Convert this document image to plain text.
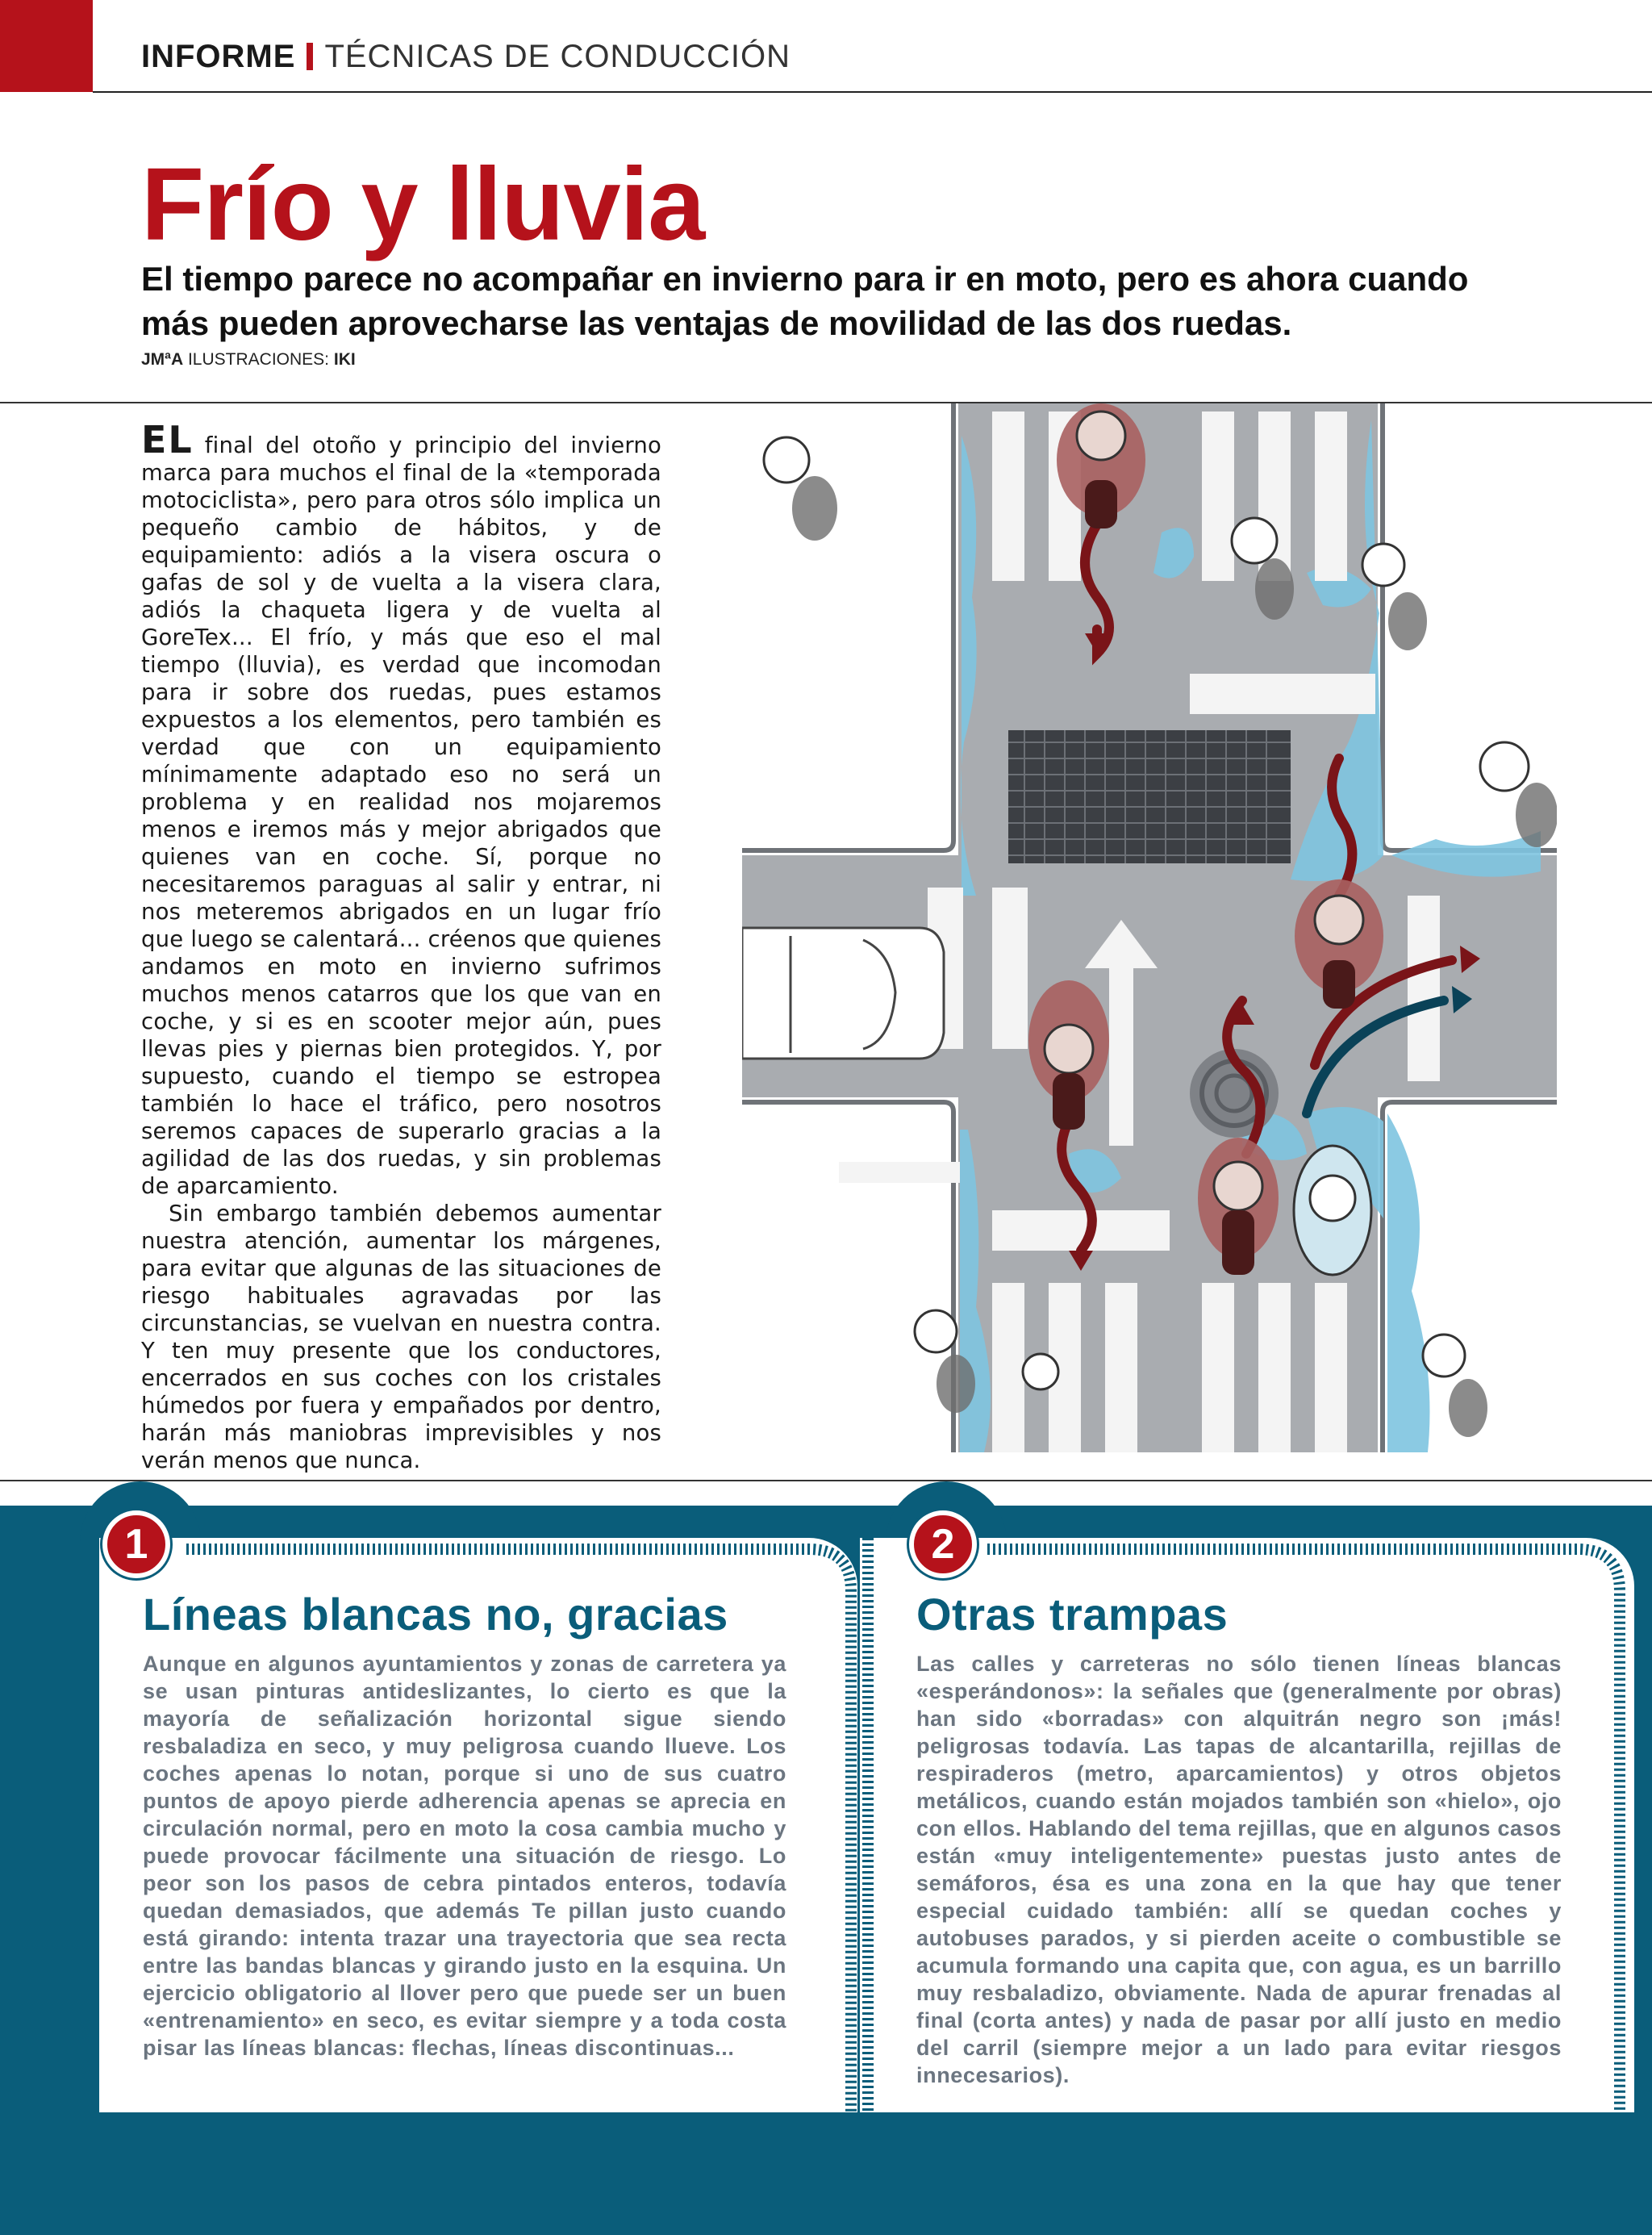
INFORME TÉCNICAS DE CONDUCCIÓN
Frío y lluvia

El tiempo parece no acompañar en invierno para ir en moto, pero es ahora cuando más pueden aprovecharse las ventajas de movilidad de las dos ruedas.

JMªA ILUSTRACIONES: IKI

EL final del otoño y principio del invierno marca para muchos el final de la «temporada motociclista», pero para otros sólo implica un pequeño cambio de hábitos, y de equipamiento: adiós a la visera oscura o gafas de sol y de vuelta a la visera clara, adiós la chaqueta ligera y de vuelta al GoreTex... El frío, y más que eso el mal tiempo (lluvia), es verdad que incomodan para ir sobre dos ruedas, pues estamos expuestos a los elementos, pero también es verdad que con un equipamiento mínimamente adaptado eso no será un problema y en realidad nos mojaremos menos e iremos más y mejor abrigados que quienes van en coche. Sí, porque no necesitaremos paraguas al salir y entrar, ni nos meteremos abrigados en un lugar frío que luego se calentará... créenos que quienes andamos en moto en invierno sufrimos muchos menos catarros que los que van en coche, y si es en scooter mejor aún, pues llevas pies y piernas bien protegidos. Y, por supuesto, cuando el tiempo se estropea también lo hace el tráfico, pero nosotros seremos capaces de superarlo gracias a la agilidad de las dos ruedas, y sin problemas de aparcamiento.

Sin embargo también debemos aumentar nuestra atención, aumentar los márgenes, para evitar que algunas de las situaciones de riesgo habituales agravadas por las circunstancias, se vuelvan en nuestra contra. Y ten muy presente que los conductores, encerrados en sus coches con los cristales húmedos por fuera y empañados por dentro, harán más maniobras imprevisibles y nos verán menos que nunca.

1
Líneas blancas no, gracias

Aunque en algunos ayuntamientos y zonas de carretera ya se usan pinturas antideslizantes, lo cierto es que la mayoría de señalización horizontal sigue siendo resbaladiza en seco, y muy peligrosa cuando llueve. Los coches apenas lo notan, porque si uno de sus cuatro puntos de apoyo pierde adherencia apenas se aprecia en circulación normal, pero en moto la cosa cambia mucho y puede provocar fácilmente una situación de riesgo. Lo peor son los pasos de cebra pintados enteros, todavía quedan demasiados, que además Te pillan justo cuando está girando: intenta trazar una trayectoria que sea recta entre las bandas blancas y girando justo en la esquina. Un ejercicio obligatorio al llover pero que puede ser un buen «entrenamiento» en seco, es evitar siempre y a toda costa pisar las líneas blancas: flechas, líneas discontinuas...

2
Otras trampas

Las calles y carreteras no sólo tienen líneas blancas «esperándonos»: la señales que (generalmente por obras) han sido «borradas» con alquitrán negro son ¡más! peligrosas todavía. Las tapas de alcantarilla, rejillas de respiraderos (metro, aparcamientos) y otros objetos metálicos, cuando están mojados también son «hielo», ojo con ellos. Hablando del tema rejillas, que en algunos casos están «muy inteligentemente» puestas justo antes de semáforos, ésa es una zona en la que hay que tener especial cuidado también: allí se quedan coches y autobuses parados, y si pierden aceite o combustible se acumula formando una capita que, con agua, es un barrillo muy resbaladizo, obviamente. Nada de apurar frenadas al final (corta antes) y nada de pasar por allí justo en medio del carril (siempre mejor a un lado para evitar riesgos innecesarios).
